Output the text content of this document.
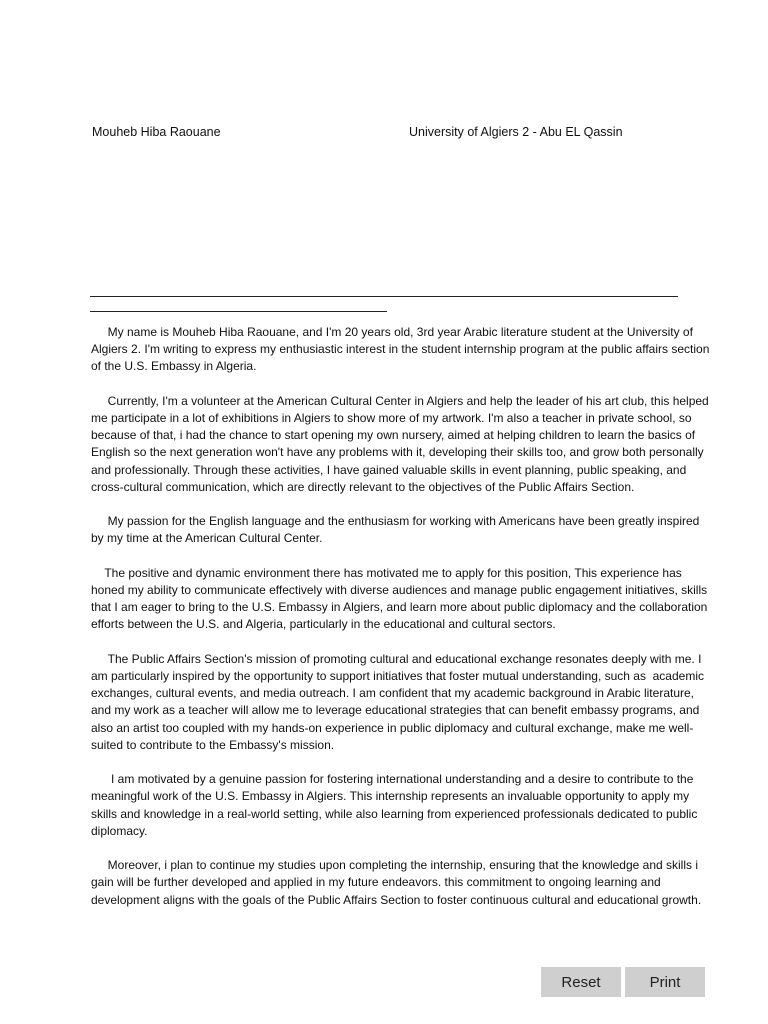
Mouheb Hiba Raouane	University of Algiers 2 - Abu EL Qassin

My name is Mouheb Hiba Raouane, and I'm 20 years old, 3rd year Arabic literature student at the University of Algiers 2. I'm writing to express my enthusiastic interest in the student internship program at the public affairs section of the U.S. Embassy in Algeria.

Currently, I'm a volunteer at the American Cultural Center in Algiers and help the leader of his art club, this helped me participate in a lot of exhibitions in Algiers to show more of my artwork. I'm also a teacher in private school, so because of that, i had the chance to start opening my own nursery, aimed at helping children to learn the basics of English so the next generation won't have any problems with it, developing their skills too, and grow both personally and professionally. Through these activities, I have gained valuable skills in event planning, public speaking, and cross-cultural communication, which are directly relevant to the objectives of the Public Affairs Section.

My passion for the English language and the enthusiasm for working with Americans have been greatly inspired by my time at the American Cultural Center.

The positive and dynamic environment there has motivated me to apply for this position, This experience has honed my ability to communicate effectively with diverse audiences and manage public engagement initiatives, skills that I am eager to bring to the U.S. Embassy in Algiers, and learn more about public diplomacy and the collaboration efforts between the U.S. and Algeria, particularly in the educational and cultural sectors.

The Public Affairs Section's mission of promoting cultural and educational exchange resonates deeply with me. I am particularly inspired by the opportunity to support initiatives that foster mutual understanding, such as  academic exchanges, cultural events, and media outreach. I am confident that my academic background in Arabic literature, and my work as a teacher will allow me to leverage educational strategies that can benefit embassy programs, and also an artist too coupled with my hands-on experience in public diplomacy and cultural exchange, make me well-suited to contribute to the Embassy's mission.

I am motivated by a genuine passion for fostering international understanding and a desire to contribute to the meaningful work of the U.S. Embassy in Algiers. This internship represents an invaluable opportunity to apply my skills and knowledge in a real-world setting, while also learning from experienced professionals dedicated to public diplomacy.

Moreover, i plan to continue my studies upon completing the internship, ensuring that the knowledge and skills i gain will be further developed and applied in my future endeavors. this commitment to ongoing learning and development aligns with the goals of the Public Affairs Section to foster continuous cultural and educational growth.

Reset	Print
